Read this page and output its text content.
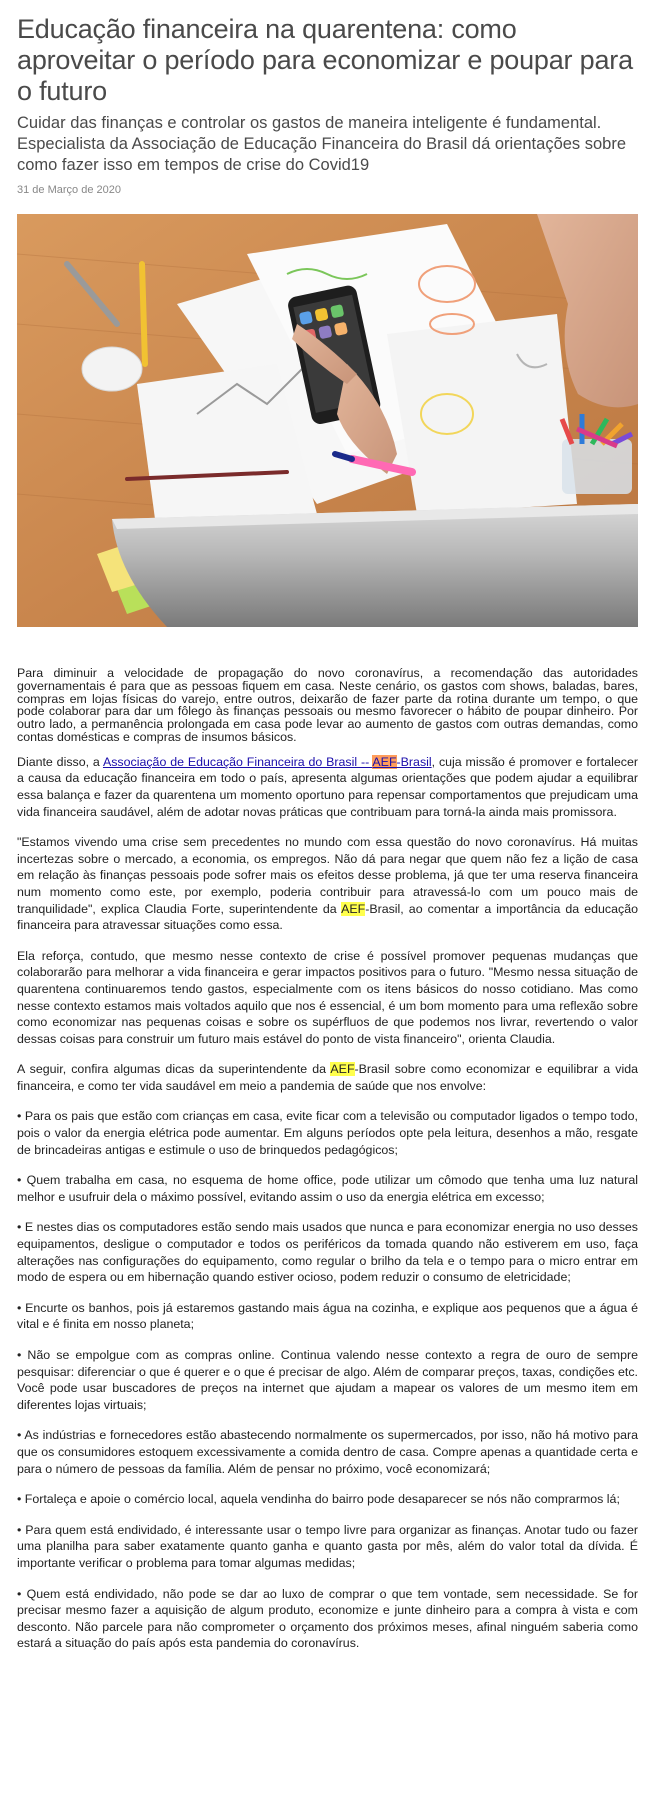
Educação financeira na quarentena: como aproveitar o período para economizar e poupar para o futuro

Cuidar das finanças e controlar os gastos de maneira inteligente é fundamental. Especialista da Associação de Educação Financeira do Brasil dá orientações sobre como fazer isso em tempos de crise do Covid19

31 de Março de 2020

Para diminuir a velocidade de propagação do novo coronavírus, a recomendação das autoridades governamentais é para que as pessoas fiquem em casa. Neste cenário, os gastos com shows, baladas, bares, compras em lojas físicas do varejo, entre outros, deixarão de fazer parte da rotina durante um tempo, o que pode colaborar para dar um fôlego às finanças pessoais ou mesmo favorecer o hábito de poupar dinheiro. Por outro lado, a permanência prolongada em casa pode levar ao aumento de gastos com outras demandas, como contas domésticas e compras de insumos básicos.

Diante disso, a Associação de Educação Financeira do Brasil -- AEF-Brasil, cuja missão é promover e fortalecer a causa da educação financeira em todo o país, apresenta algumas orientações que podem ajudar a equilibrar essa balança e fazer da quarentena um momento oportuno para repensar comportamentos que prejudicam uma vida financeira saudável, além de adotar novas práticas que contribuam para torná-la ainda mais promissora.

"Estamos vivendo uma crise sem precedentes no mundo com essa questão do novo coronavírus. Há muitas incertezas sobre o mercado, a economia, os empregos. Não dá para negar que quem não fez a lição de casa em relação às finanças pessoais pode sofrer mais os efeitos desse problema, já que ter uma reserva financeira num momento como este, por exemplo, poderia contribuir para atravessá-lo com um pouco mais de tranquilidade", explica Claudia Forte, superintendente da AEF-Brasil, ao comentar a importância da educação financeira para atravessar situações como essa.

Ela reforça, contudo, que mesmo nesse contexto de crise é possível promover pequenas mudanças que colaborarão para melhorar a vida financeira e gerar impactos positivos para o futuro. "Mesmo nessa situação de quarentena continuaremos tendo gastos, especialmente com os itens básicos do nosso cotidiano. Mas como nesse contexto estamos mais voltados aquilo que nos é essencial, é um bom momento para uma reflexão sobre como economizar nas pequenas coisas e sobre os supérfluos de que podemos nos livrar, revertendo o valor dessas coisas para construir um futuro mais estável do ponto de vista financeiro", orienta Claudia.

A seguir, confira algumas dicas da superintendente da AEF-Brasil sobre como economizar e equilibrar a vida financeira, e como ter vida saudável em meio a pandemia de saúde que nos envolve:

• Para os pais que estão com crianças em casa, evite ficar com a televisão ou computador ligados o tempo todo, pois o valor da energia elétrica pode aumentar. Em alguns períodos opte pela leitura, desenhos a mão, resgate de brincadeiras antigas e estimule o uso de brinquedos pedagógicos;

• Quem trabalha em casa, no esquema de home office, pode utilizar um cômodo que tenha uma luz natural melhor e usufruir dela o máximo possível, evitando assim o uso da energia elétrica em excesso;

• E nestes dias os computadores estão sendo mais usados que nunca e para economizar energia no uso desses equipamentos, desligue o computador e todos os periféricos da tomada quando não estiverem em uso, faça alterações nas configurações do equipamento, como regular o brilho da tela e o tempo para o micro entrar em modo de espera ou em hibernação quando estiver ocioso, podem reduzir o consumo de eletricidade;

• Encurte os banhos, pois já estaremos gastando mais água na cozinha, e explique aos pequenos que a água é vital e é finita em nosso planeta;

• Não se empolgue com as compras online. Continua valendo nesse contexto a regra de ouro de sempre pesquisar: diferenciar o que é querer e o que é precisar de algo. Além de comparar preços, taxas, condições etc. Você pode usar buscadores de preços na internet que ajudam a mapear os valores de um mesmo item em diferentes lojas virtuais;

• As indústrias e fornecedores estão abastecendo normalmente os supermercados, por isso, não há motivo para que os consumidores estoquem excessivamente a comida dentro de casa. Compre apenas a quantidade certa e para o número de pessoas da família. Além de pensar no próximo, você economizará;

• Fortaleça e apoie o comércio local, aquela vendinha do bairro pode desaparecer se nós não comprarmos lá;

• Para quem está endividado, é interessante usar o tempo livre para organizar as finanças. Anotar tudo ou fazer uma planilha para saber exatamente quanto ganha e quanto gasta por mês, além do valor total da dívida. É importante verificar o problema para tomar algumas medidas;

• Quem está endividado, não pode se dar ao luxo de comprar o que tem vontade, sem necessidade. Se for precisar mesmo fazer a aquisição de algum produto, economize e junte dinheiro para a compra à vista e com desconto. Não parcele para não comprometer o orçamento dos próximos meses, afinal ninguém saberia como estará a situação do país após esta pandemia do coronavírus.
